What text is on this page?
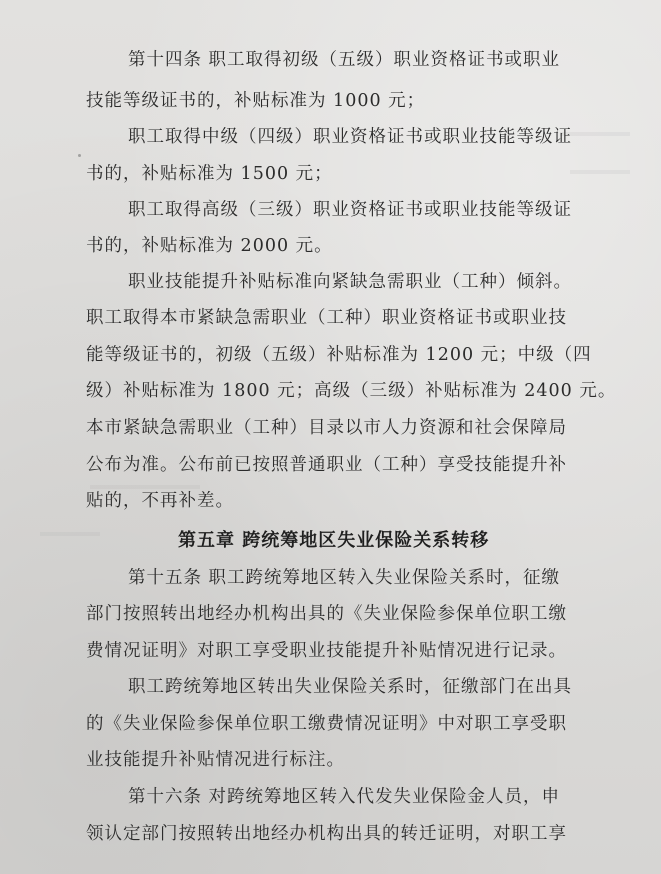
第十四条 职工取得初级（五级）职业资格证书或职业
技能等级证书的，补贴标准为 1000 元；
职工取得中级（四级）职业资格证书或职业技能等级证
书的，补贴标准为 1500 元；
职工取得高级（三级）职业资格证书或职业技能等级证
书的，补贴标准为 2000 元。
职业技能提升补贴标准向紧缺急需职业（工种）倾斜。
职工取得本市紧缺急需职业（工种）职业资格证书或职业技
能等级证书的，初级（五级）补贴标准为 1200 元；中级（四
级）补贴标准为 1800 元；高级（三级）补贴标准为 2400 元。
本市紧缺急需职业（工种）目录以市人力资源和社会保障局
公布为准。公布前已按照普通职业（工种）享受技能提升补
贴的，不再补差。
第五章 跨统筹地区失业保险关系转移
第十五条 职工跨统筹地区转入失业保险关系时，征缴
部门按照转出地经办机构出具的《失业保险参保单位职工缴
费情况证明》对职工享受职业技能提升补贴情况进行记录。
职工跨统筹地区转出失业保险关系时，征缴部门在出具
的《失业保险参保单位职工缴费情况证明》中对职工享受职
业技能提升补贴情况进行标注。
第十六条 对跨统筹地区转入代发失业保险金人员，申
领认定部门按照转出地经办机构出具的转迁证明，对职工享
